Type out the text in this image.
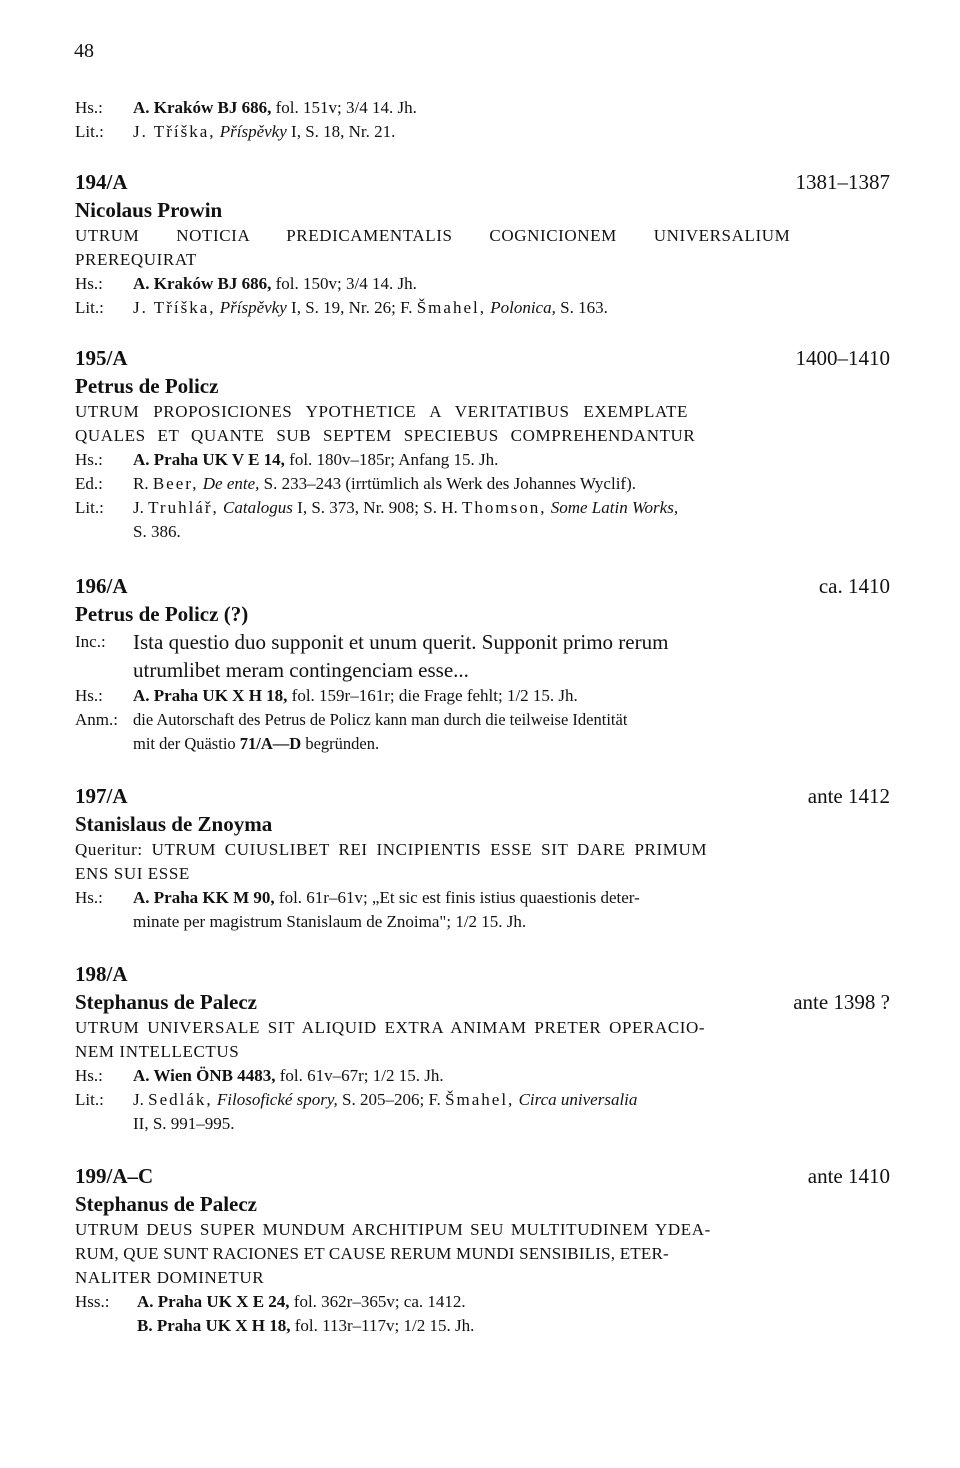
48
Hs.:	A. Kraków BJ 686, fol. 151v; 3/4 14. Jh.
Lit.:	J. Tříška, Příspěvky I, S. 18, Nr. 21.
194/A	1381–1387
Nicolaus Prowin
UTRUM NOTICIA PREDICAMENTALIS COGNICIONEM UNIVERSALIUM
PREREQUIRAT
Hs.:	A. Kraków BJ 686, fol. 150v; 3/4 14. Jh.
Lit.:	J. Tříška, Příspěvky I, S. 19, Nr. 26; F. Šmahel, Polonica, S. 163.
195/A	1400–1410
Petrus de Policz
UTRUM PROPOSICIONES YPOTHETICE A VERITATIBUS EXEMPLATE
QUALES ET QUANTE SUB SEPTEM SPECIEBUS COMPREHENDANTUR
Hs.:	A. Praha UK V E 14, fol. 180v–185r; Anfang 15. Jh.
Ed.:	R. Beer, De ente, S. 233–243 (irrtümlich als Werk des Johannes Wyclif).
Lit.:	J. Truhlář, Catalogus I, S. 373, Nr. 908; S. H. Thomson, Some Latin Works,
S. 386.
196/A	ca. 1410
Petrus de Policz (?)
Inc.:	Ista questio duo supponit et unum querit. Supponit primo rerum
utrumlibet meram contingenciam esse...
Hs.:	A. Praha UK X H 18, fol. 159r–161r; die Frage fehlt; 1/2 15. Jh.
Anm.: die Autorschaft des Petrus de Policz kann man durch die teilweise Identität
mit der Quästio 71/A—D begründen.
197/A	ante 1412
Stanislaus de Znoyma
Queritur: UTRUM CUIUSLIBET REI INCIPIENTIS ESSE SIT DARE PRIMUM
ENS SUI ESSE
Hs.:	A. Praha KK M 90, fol. 61r–61v; „Et sic est finis istius quaestionis deter-
minate per magistrum Stanislaum de Znoima"; 1/2 15. Jh.
198/A
Stephanus de Palecz	ante 1398 ?
UTRUM UNIVERSALE SIT ALIQUID EXTRA ANIMAM PRETER OPERACIO-
NEM INTELLECTUS
Hs.:	A. Wien ÖNB 4483, fol. 61v–67r; 1/2 15. Jh.
Lit.:	J. Sedlák, Filosofické spory, S. 205–206; F. Šmahel, Circa universalia
II, S. 991–995.
199/A–C	ante 1410
Stephanus de Palecz
UTRUM DEUS SUPER MUNDUM ARCHITIPUM SEU MULTITUDINEM YDEA-
RUM, QUE SUNT RACIONES ET CAUSE RERUM MUNDI SENSIBILIS, ETER-
NALITER DOMINETUR
Hss.:	A. Praha UK X E 24, fol. 362r–365v; ca. 1412.
B. Praha UK X H 18, fol. 113r–117v; 1/2 15. Jh.
